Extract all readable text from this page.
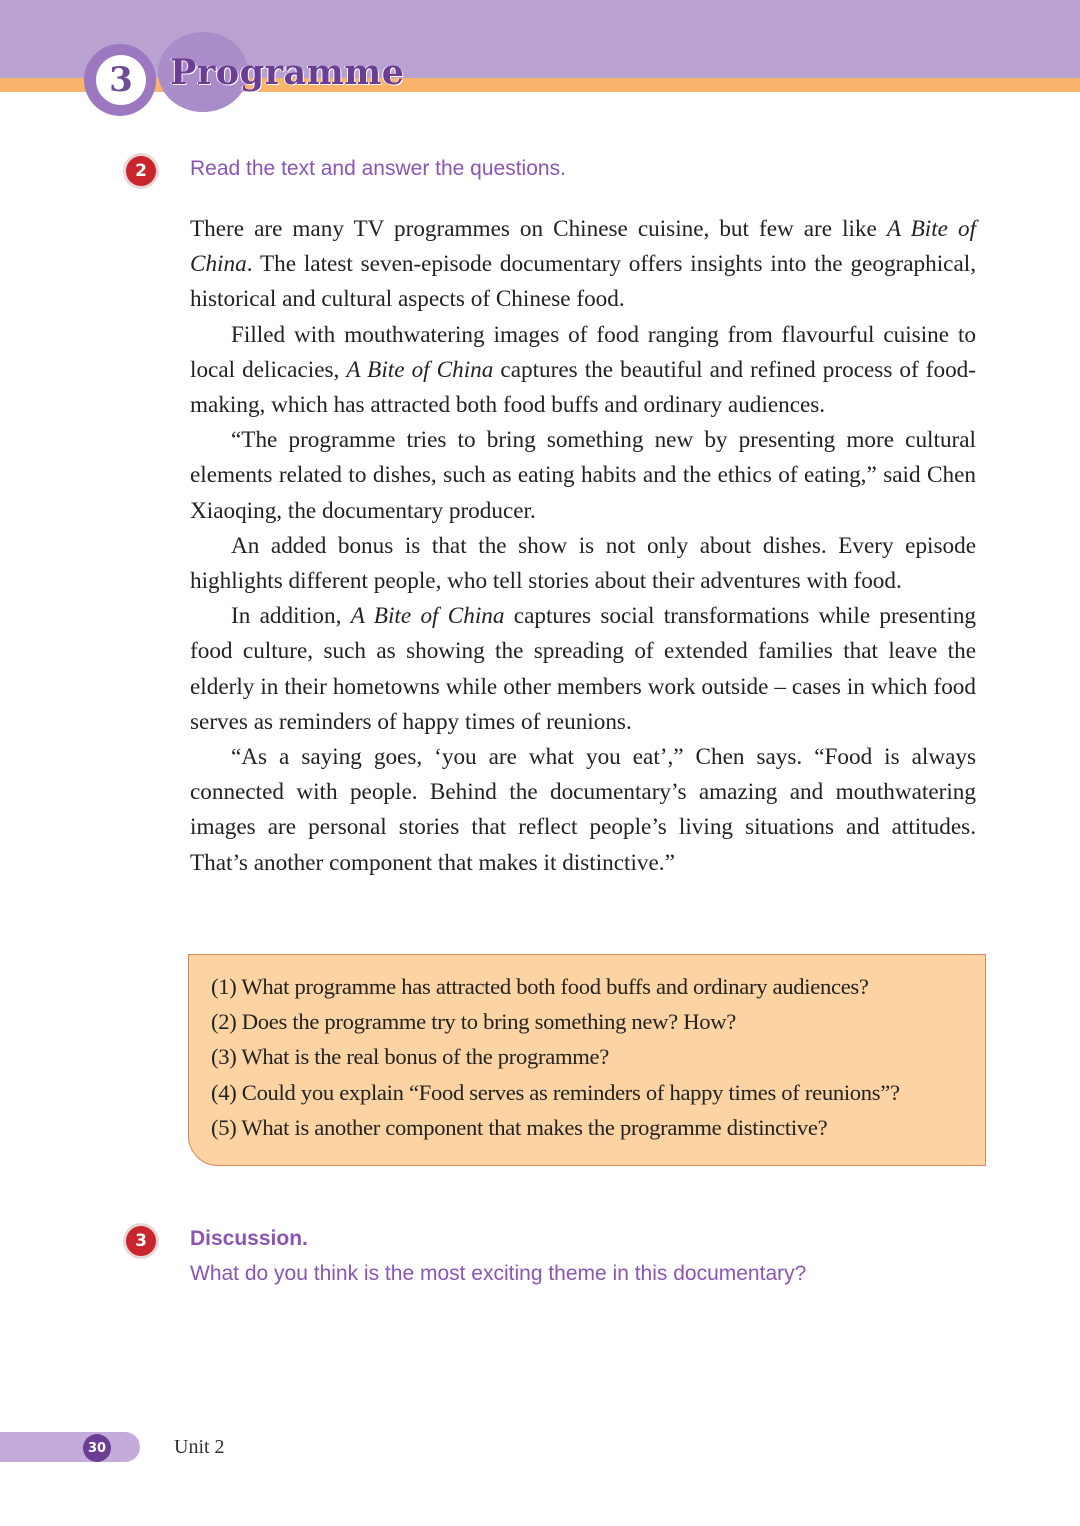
3	Programme
2	Read the text and answer the questions.

There are many TV programmes on Chinese cuisine, but few are like A Bite of China. The latest seven-episode documentary offers insights into the geographical, historical and cultural aspects of Chinese food.

Filled with mouthwatering images of food ranging from flavourful cuisine to local delicacies, A Bite of China captures the beautiful and refined process of food-making, which has attracted both food buffs and ordinary audiences.

“The programme tries to bring something new by presenting more cultural elements related to dishes, such as eating habits and the ethics of eating,” said Chen Xiaoqing, the documentary producer.

An added bonus is that the show is not only about dishes. Every episode highlights different people, who tell stories about their adventures with food.

In addition, A Bite of China captures social transformations while presenting food culture, such as showing the spreading of extended families that leave the elderly in their hometowns while other members work outside – cases in which food serves as reminders of happy times of reunions.

“As a saying goes, ‘you are what you eat’,” Chen says. “Food is always connected with people. Behind the documentary’s amazing and mouthwatering images are personal stories that reflect people’s living situations and attitudes. That’s another component that makes it distinctive.”

(1) What programme has attracted both food buffs and ordinary audiences?
(2) Does the programme try to bring something new? How?
(3) What is the real bonus of the programme?
(4) Could you explain “Food serves as reminders of happy times of reunions”?
(5) What is another component that makes the programme distinctive?
3	Discussion.
What do you think is the most exciting theme in this documentary?
30	Unit 2
